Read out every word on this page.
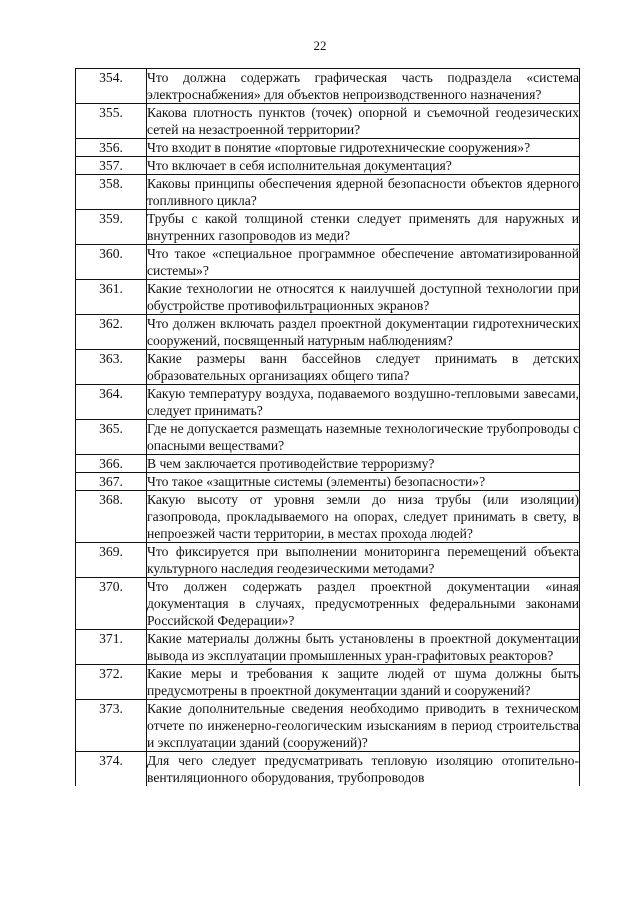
22
354.	Что должна содержать графическая часть подраздела «система электроснабжения» для объектов непроизводственного назначения?
355.	Какова плотность пунктов (точек) опорной и съемочной геодезических сетей на незастроенной территории?
356.	Что входит в понятие «портовые гидротехнические сооружения»?
357.	Что включает в себя исполнительная документация?
358.	Каковы принципы обеспечения ядерной безопасности объектов ядерного топливного цикла?
359.	Трубы с какой толщиной стенки следует применять для наружных и внутренних газопроводов из меди?
360.	Что такое «специальное программное обеспечение автоматизированной системы»?
361.	Какие технологии не относятся к наилучшей доступной технологии при обустройстве противофильтрационных экранов?
362.	Что должен включать раздел проектной документации гидротехнических сооружений, посвященный натурным наблюдениям?
363.	Какие размеры ванн бассейнов следует принимать в детских образовательных организациях общего типа?
364.	Какую температуру воздуха, подаваемого воздушно-тепловыми завесами, следует принимать?
365.	Где не допускается размещать наземные технологические трубопроводы с опасными веществами?
366.	В чем заключается противодействие терроризму?
367.	Что такое «защитные системы (элементы) безопасности»?
368.	Какую высоту от уровня земли до низа трубы (или изоляции) газопровода, прокладываемого на опорах, следует принимать в свету, в непроезжей части территории, в местах прохода людей?
369.	Что фиксируется при выполнении мониторинга перемещений объекта культурного наследия геодезическими методами?
370.	Что должен содержать раздел проектной документации «иная документация в случаях, предусмотренных федеральными законами Российской Федерации»?
371.	Какие материалы должны быть установлены в проектной документации вывода из эксплуатации промышленных уран-графитовых реакторов?
372.	Какие меры и требования к защите людей от шума должны быть предусмотрены в проектной документации зданий и сооружений?
373.	Какие дополнительные сведения необходимо приводить в техническом отчете по инженерно-геологическим изысканиям в период строительства и эксплуатации зданий (сооружений)?
374.	Для чего следует предусматривать тепловую изоляцию отопительно-вентиляционного оборудования, трубопроводов
